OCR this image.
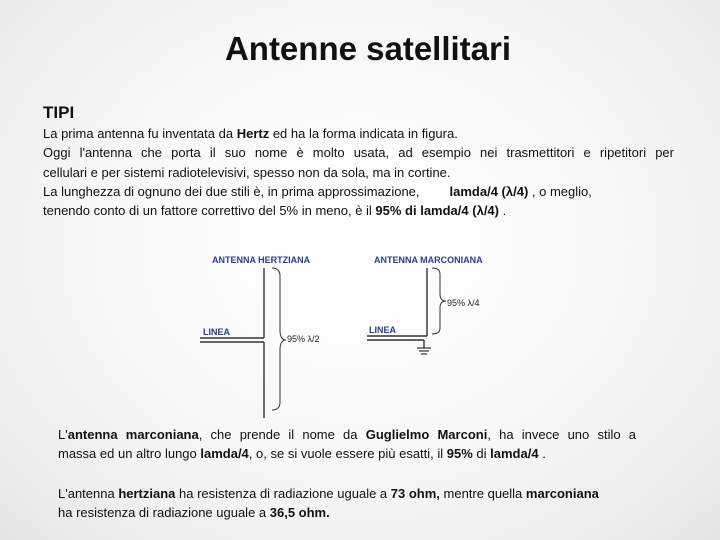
Antenne satellitari
TIPI
La prima antenna fu inventata da Hertz ed ha la forma indicata in figura.
Oggi l'antenna che porta il suo nome è molto usata, ad esempio nei trasmettitori e ripetitori per
cellulari e per sistemi radiotelevisivi, spesso non da sola, ma in cortine.
La lunghezza di ognuno dei due stili è, in prima approssimazione, lamda/4 (λ/4) , o meglio,
tenendo conto di un fattore correttivo del 5% in meno, è il 95% di lamda/4 (λ/4) .
ANTENNA HERTZIANA
LINEA
95% λ/2
ANTENNA MARCONIANA
LINEA
95% λ/4
L'antenna marconiana, che prende il nome da Guglielmo Marconi, ha invece uno stilo a
massa ed un altro lungo lamda/4, o, se si vuole essere più esatti, il 95% di lamda/4 .
L'antenna hertziana ha resistenza di radiazione uguale a 73 ohm, mentre quella marconiana
ha resistenza di radiazione uguale a 36,5 ohm.
